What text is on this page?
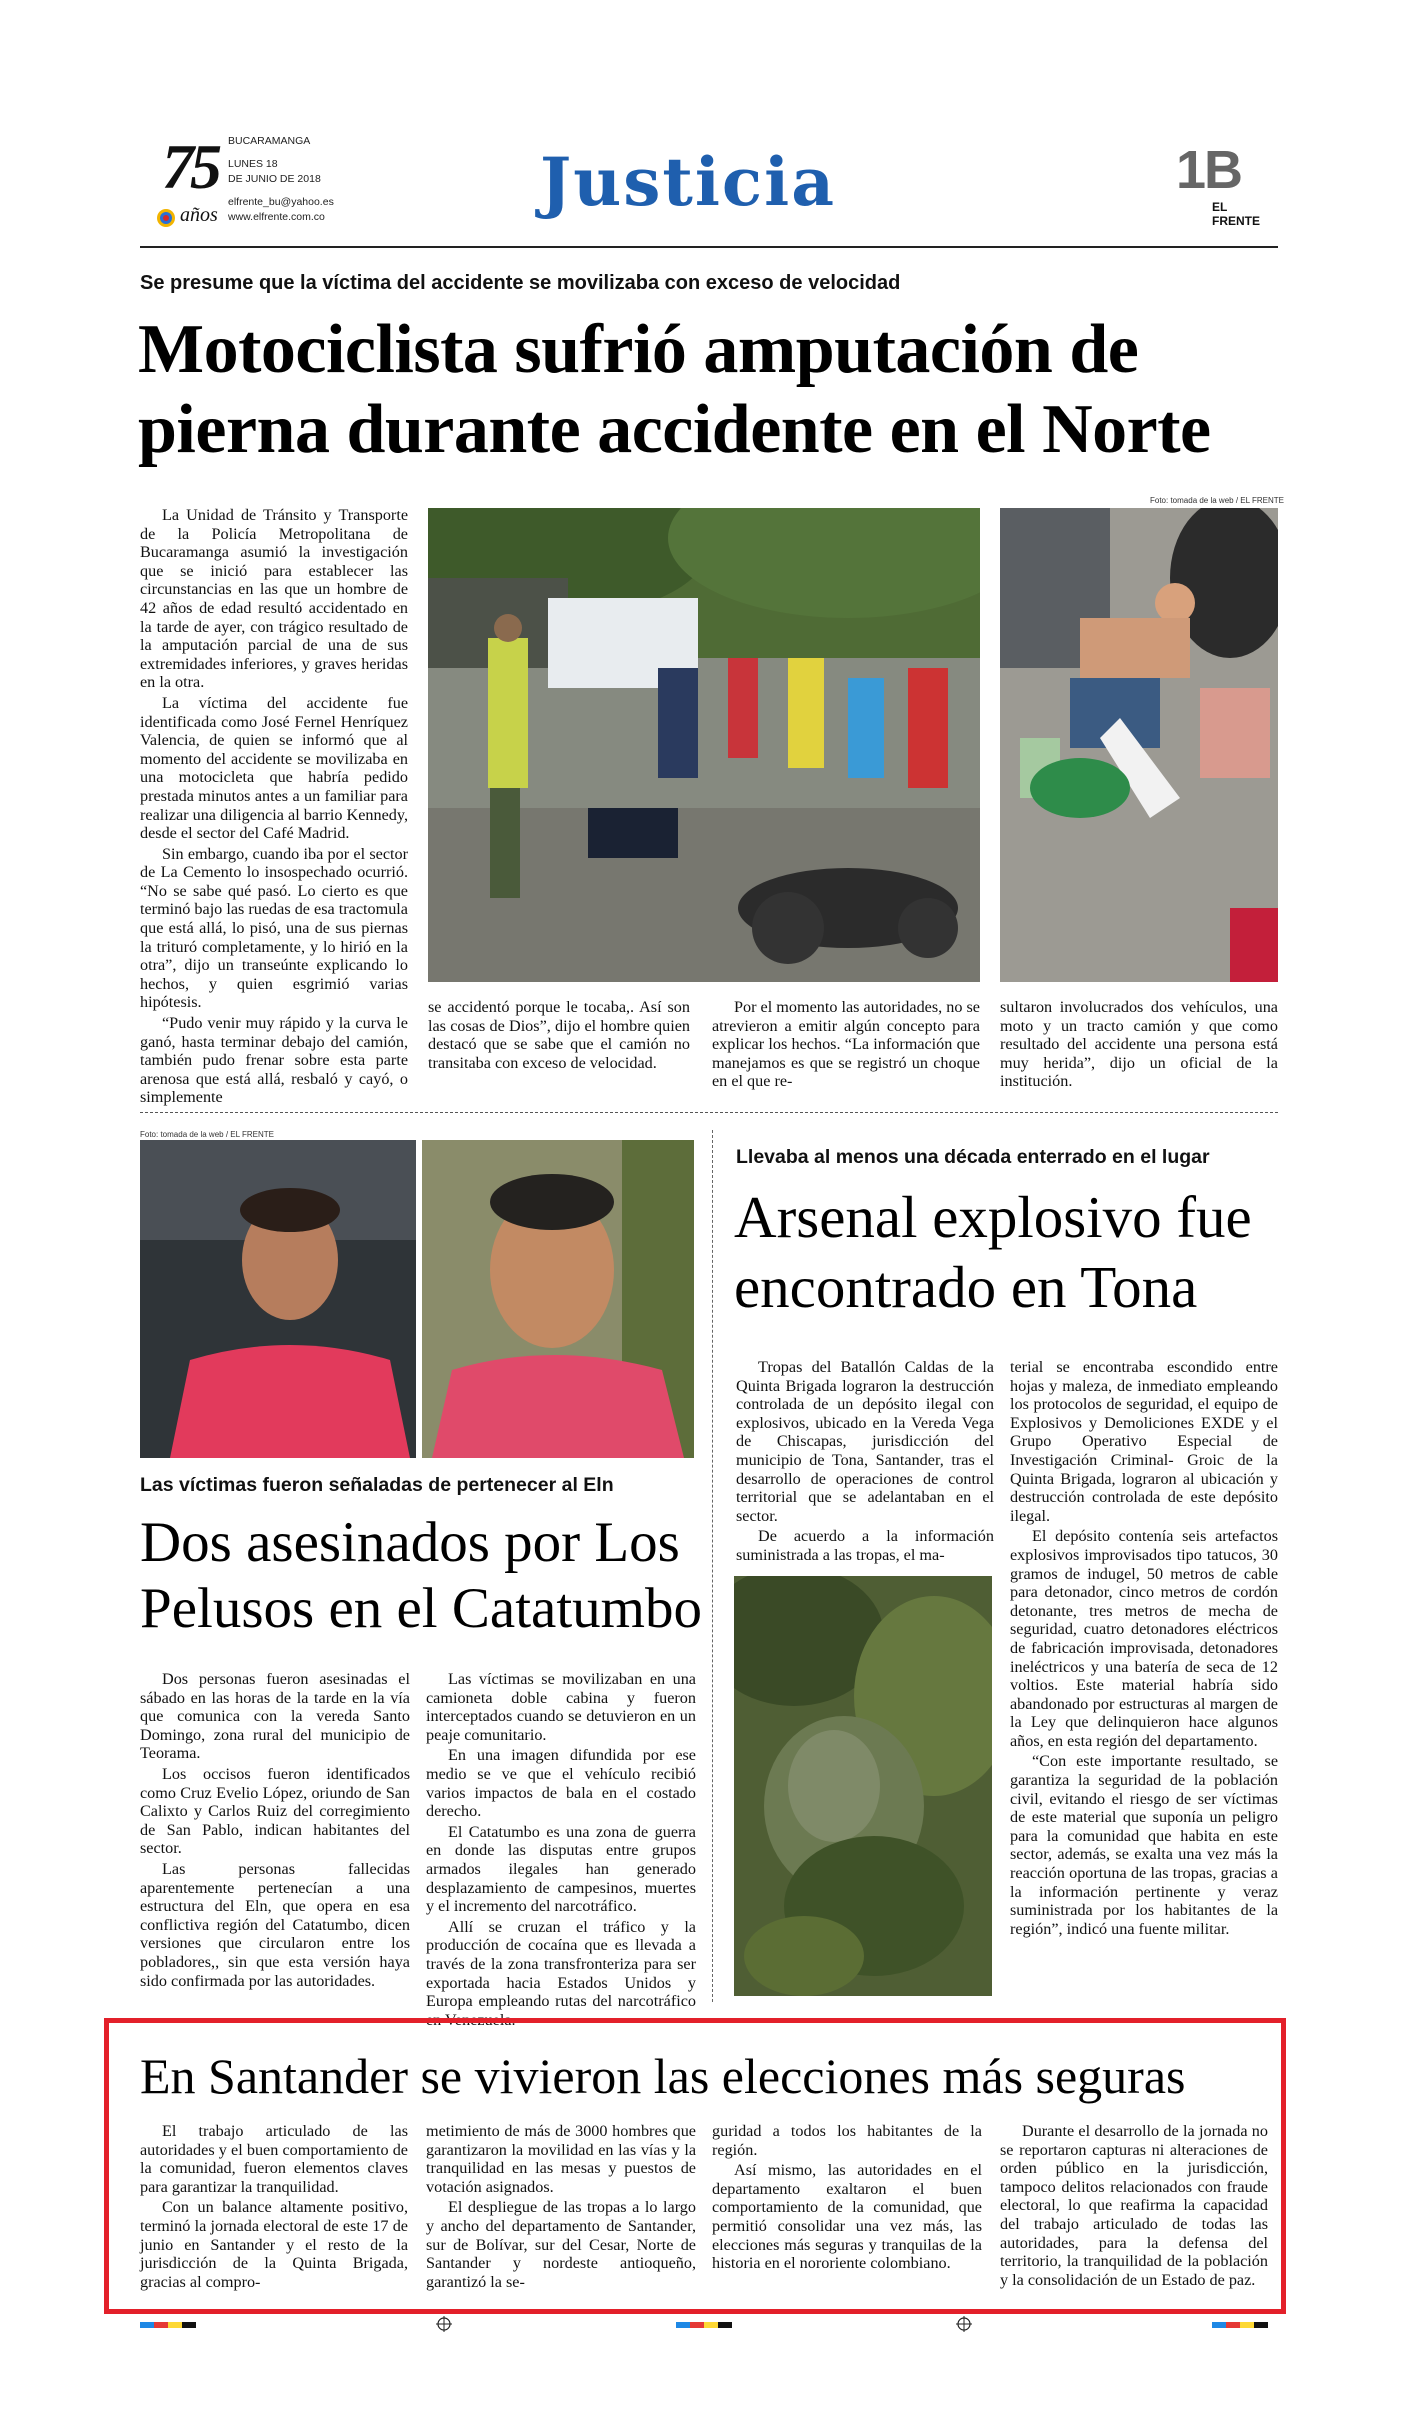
75
años
BUCARAMANGA
LUNES 18
DE JUNIO DE 2018
elfrente_bu@yahoo.es
www.elfrente.com.co	Justicia	1B
EL FRENTE
Se presume que la víctima del accidente se movilizaba con exceso de velocidad
Motociclista sufrió amputación de
pierna durante accidente en el Norte

La Unidad de Tránsito y Transporte de la Policía Metropolitana de Bucaramanga asumió la investigación que se inició para establecer las circunstancias en las que un hombre de 42 años de edad resultó accidentado en la tarde de ayer, con trágico resultado de la amputación parcial de una de sus extremidades inferiores, y graves heridas en la otra.

La víctima del accidente fue identificada como José Fernel Henríquez Valencia, de quien se informó que al momento del accidente se movilizaba en una motocicleta que habría pedido prestada minutos antes a un familiar para realizar una diligencia al barrio Kennedy, desde el sector del Café Madrid.

Sin embargo, cuando iba por el sector de La Cemento lo insospechado ocurrió. “No se sabe qué pasó. Lo cierto es que terminó bajo las ruedas de esa tractomula que está allá, lo pisó, una de sus piernas la trituró completamente, y lo hirió en la otra”, dijo un transeúnte explicando lo hechos, y quien esgrimió varias hipótesis.

“Pudo venir muy rápido y la curva le ganó, hasta terminar debajo del camión, también pudo frenar sobre esta parte arenosa que está allá, resbaló y cayó, o simplemente

Foto: tomada de la web / EL FRENTE

se accidentó porque le tocaba,. Así son las cosas de Dios”, dijo el hombre quien destacó que se sabe que el camión no transitaba con exceso de velocidad.

Por el momento las autoridades, no se atrevieron a emitir algún concepto para explicar los hechos. “La información que manejamos es que se registró un choque en el que re-

sultaron involucrados dos vehículos, una moto y un tracto camión y que como resultado del accidente una persona está muy herida”, dijo un oficial de la institución.

Foto: tomada de la web / EL FRENTE
Las víctimas fueron señaladas de pertenecer al Eln
Dos asesinados por Los
Pelusos en el Catatumbo

Dos personas fueron asesinadas el sábado en las horas de la tarde en la vía que comunica con la vereda Santo Domingo, zona rural del municipio de Teorama.

Los occisos fueron identificados como Cruz Evelio López, oriundo de San Calixto y Carlos Ruiz del corregimiento de San Pablo, indican habitantes del sector.

Las personas fallecidas aparentemente pertenecían a una estructura del Eln, que opera en esa conflictiva región del Catatumbo, dicen versiones que circularon entre los pobladores,, sin que esta versión haya sido confirmada por las autoridades.

Las víctimas se movilizaban en una camioneta doble cabina y fueron interceptados cuando se detuvieron en un peaje comunitario.

En una imagen difundida por ese medio se ve que el vehículo recibió varios impactos de bala en el costado derecho.

El Catatumbo es una zona de guerra en donde las disputas entre grupos armados ilegales han generado desplazamiento de campesinos, muertes y el incremento del narcotráfico.

Allí se cruzan el tráfico y la producción de cocaína que es llevada a través de la zona transfronteriza para ser exportada hacia Estados Unidos y Europa empleando rutas del narcotráfico en Venezuela.

Llevaba al menos una década enterrado en el lugar
Arsenal explosivo fue
encontrado en Tona

Tropas del Batallón Caldas de la Quinta Brigada lograron la destrucción controlada de un depósito ilegal con explosivos, ubicado en la Vereda Vega de Chiscapas, jurisdicción del municipio de Tona, Santander, tras el desarrollo de operaciones de control territorial que se adelantaban en el sector.

De acuerdo a la información suministrada a las tropas, el ma-

terial se encontraba escondido entre hojas y maleza, de inmediato empleando los protocolos de seguridad, el equipo de Explosivos y Demoliciones EXDE y el Grupo Operativo Especial de Investigación Criminal- Groic de la Quinta Brigada, lograron al ubicación y destrucción controlada de este depósito ilegal.

El depósito contenía seis artefactos explosivos improvisados tipo tatucos, 30 gramos de indugel, 50 metros de cable para detonador, cinco metros de cordón detonante, tres metros de mecha de seguridad, cuatro detonadores eléctricos de fabricación improvisada, detonadores ineléctricos y una batería de seca de 12 voltios. Este material habría sido abandonado por estructuras al margen de la Ley que delinquieron hace algunos años, en esta región del departamento.

“Con este importante resultado, se garantiza la seguridad de la población civil, evitando el riesgo de ser víctimas de este material que suponía un peligro para la comunidad que habita en este sector, además, se exalta una vez más la reacción oportuna de las tropas, gracias a la información pertinente y veraz suministrada por los habitantes de la región”, indicó una fuente militar.

En Santander se vivieron las elecciones más seguras

El trabajo articulado de las autoridades y el buen comportamiento de la comunidad, fueron elementos claves para garantizar la tranquilidad.

Con un balance altamente positivo, terminó la jornada electoral de este 17 de junio en Santander y el resto de la jurisdicción de la Quinta Brigada, gracias al compro-

metimiento de más de 3000 hombres que garantizaron la movilidad en las vías y la tranquilidad en las mesas y puestos de votación asignados.

El despliegue de las tropas a lo largo y ancho del departamento de Santander, sur de Bolívar, sur del Cesar, Norte de Santander y nordeste antioqueño, garantizó la se-

guridad a todos los habitantes de la región.

Así mismo, las autoridades en el departamento exaltaron el buen comportamiento de la comunidad, que permitió consolidar una vez más, las elecciones más seguras y tranquilas de la historia en el nororiente colombiano.

Durante el desarrollo de la jornada no se reportaron capturas ni alteraciones de orden público en la jurisdicción, tampoco delitos relacionados con fraude electoral, lo que reafirma la capacidad del trabajo articulado de todas las autoridades, para la defensa del territorio, la tranquilidad de la población y la consolidación de un Estado de paz.
